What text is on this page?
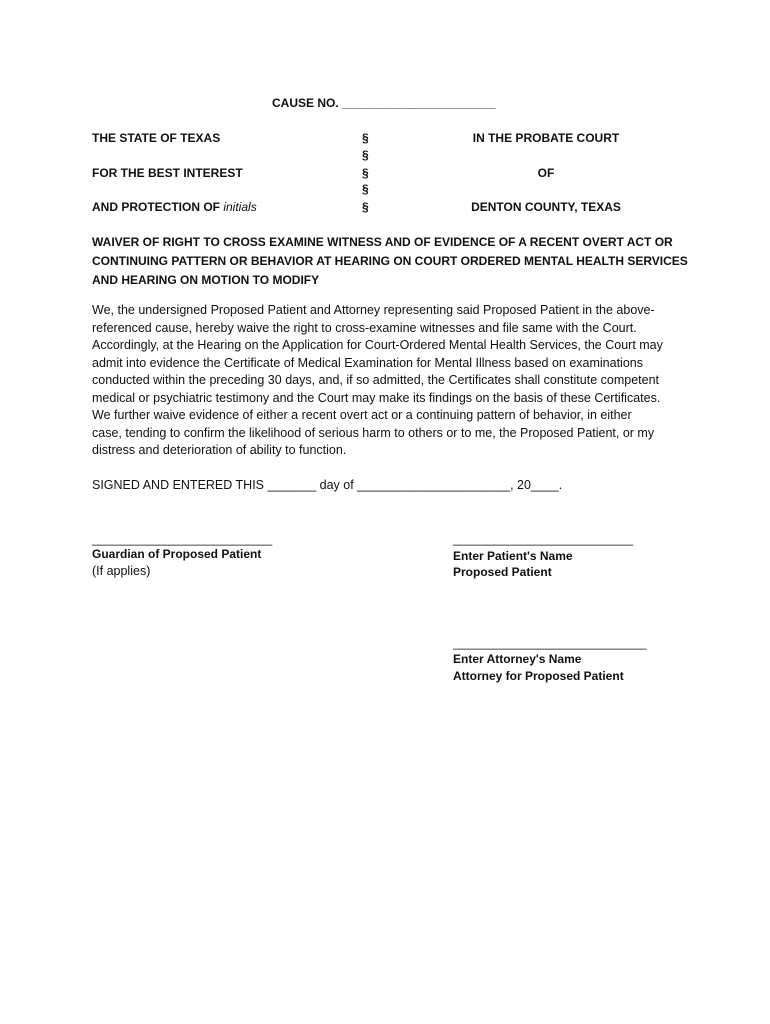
CAUSE NO. _______________________
THE STATE OF TEXAS	§	IN THE PROBATE COURT
§
FOR THE BEST INTEREST	§	OF
§
AND PROTECTION OF initials	§	DENTON COUNTY, TEXAS
WAIVER OF RIGHT TO CROSS EXAMINE WITNESS AND OF EVIDENCE OF A RECENT OVERT ACT OR
CONTINUING PATTERN OR BEHAVIOR AT HEARING ON COURT ORDERED MENTAL HEALTH SERVICES
AND HEARING ON MOTION TO MODIFY
We, the undersigned Proposed Patient and Attorney representing said Proposed Patient in the above-
referenced cause, hereby waive the right to cross-examine witnesses and file same with the Court.
Accordingly, at the Hearing on the Application for Court-Ordered Mental Health Services, the Court may
admit into evidence the Certificate of Medical Examination for Mental Illness based on examinations
conducted within the preceding 30 days, and, if so admitted, the Certificates shall constitute competent
medical or psychiatric testimony and the Court may make its findings on the basis of these Certificates.
We further waive evidence of either a recent overt act or a continuing pattern of behavior, in either
case, tending to confirm the likelihood of serious harm to others or to me, the Proposed Patient, or my
distress and deterioration of ability to function.
SIGNED AND ENTERED THIS _______ day of ______________________, 20____.
___________________________
Guardian of Proposed Patient
(If applies)
___________________________
Enter Patient's Name
Proposed Patient
_____________________________
Enter Attorney's Name
Attorney for Proposed Patient
